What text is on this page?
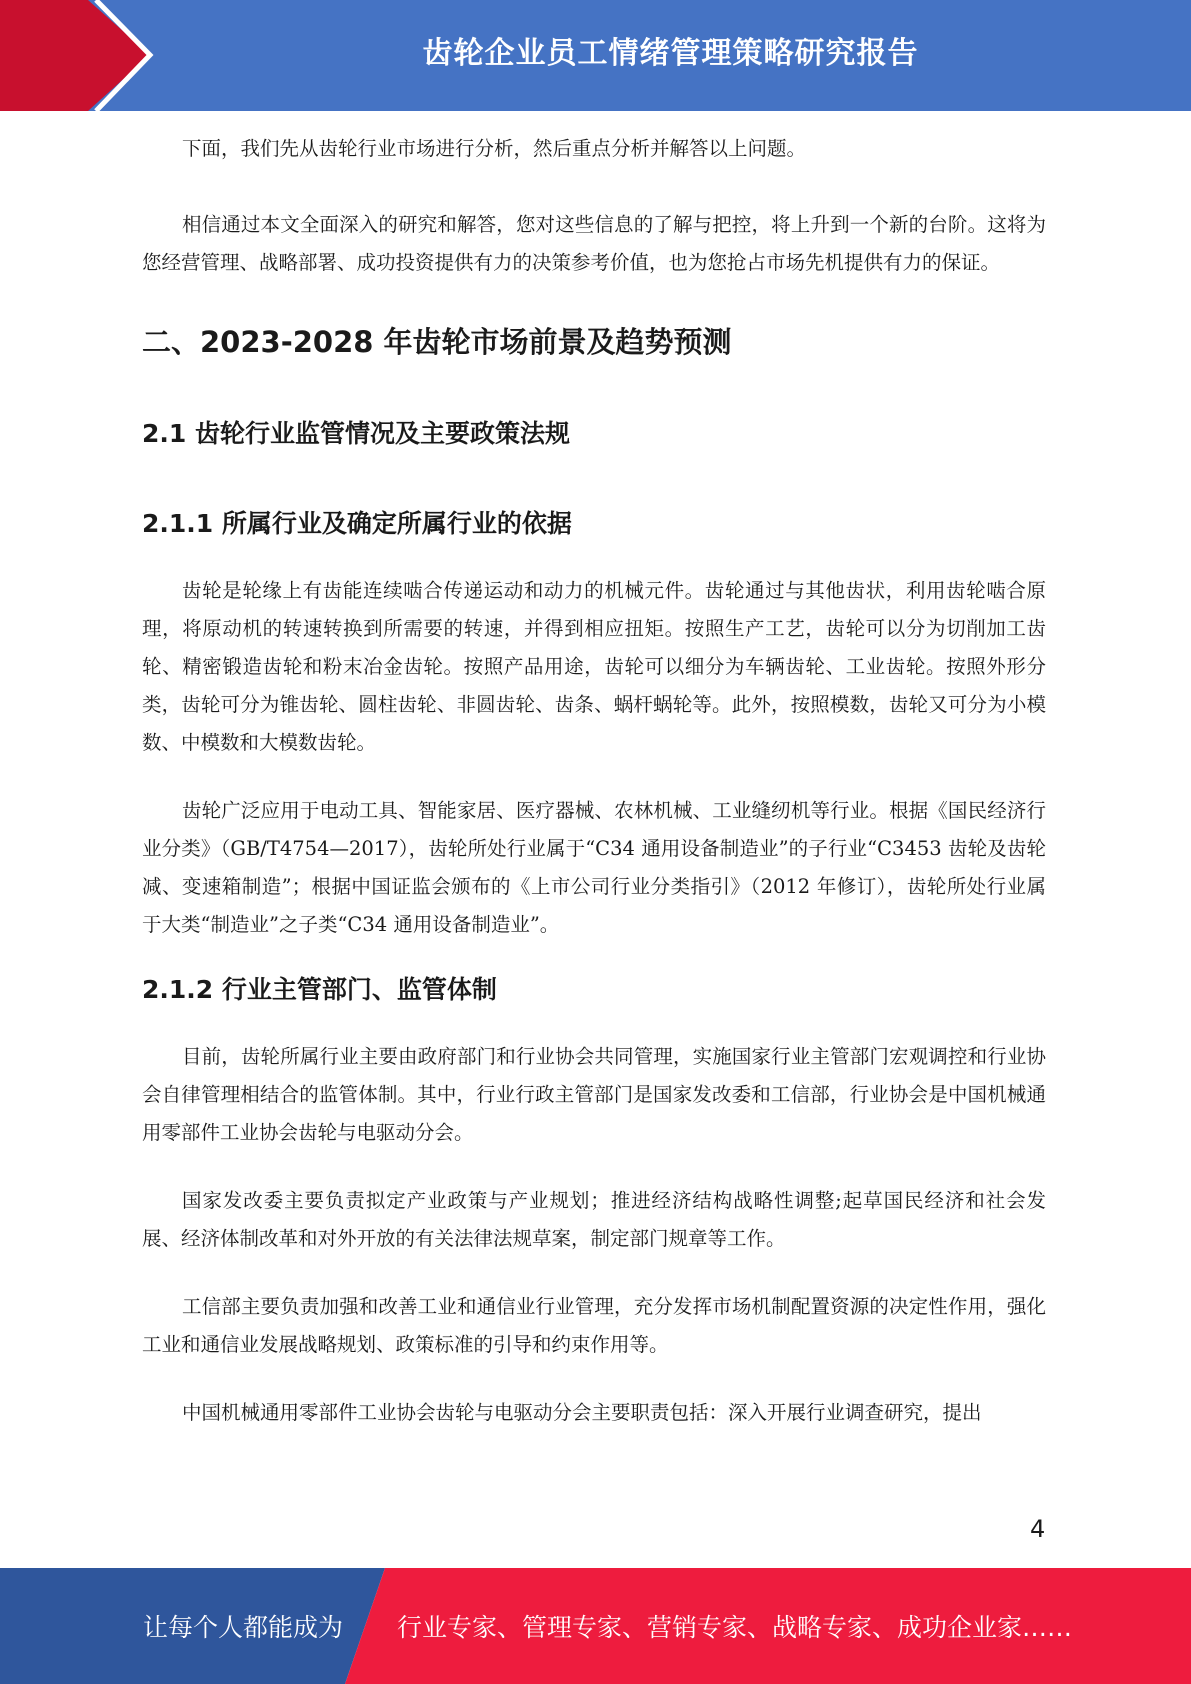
齿轮企业员工情绪管理策略研究报告

下面，我们先从齿轮行业市场进行分析，然后重点分析并解答以上问题。

相信通过本文全面深入的研究和解答，您对这些信息的了解与把控，将上升到一个新的台阶。这将为您经营管理、战略部署、成功投资提供有力的决策参考价值，也为您抢占市场先机提供有力的保证。

二、2023-2028 年齿轮市场前景及趋势预测
2.1 齿轮行业监管情况及主要政策法规
2.1.1 所属行业及确定所属行业的依据

齿轮是轮缘上有齿能连续啮合传递运动和动力的机械元件。齿轮通过与其他齿状，利用齿轮啮合原理，将原动机的转速转换到所需要的转速，并得到相应扭矩。按照生产工艺，齿轮可以分为切削加工齿轮、精密锻造齿轮和粉末冶金齿轮。按照产品用途，齿轮可以细分为车辆齿轮、工业齿轮。按照外形分类，齿轮可分为锥齿轮、圆柱齿轮、非圆齿轮、齿条、蜗杆蜗轮等。此外，按照模数，齿轮又可分为小模数、中模数和大模数齿轮。

齿轮广泛应用于电动工具、智能家居、医疗器械、农林机械、工业缝纫机等行业。根据《国民经济行业分类》（GB/T4754—2017），齿轮所处行业属于“C34 通用设备制造业”的子行业“C3453 齿轮及齿轮减、变速箱制造”；根据中国证监会颁布的《上市公司行业分类指引》（2012 年修订），齿轮所处行业属于大类“制造业”之子类“C34 通用设备制造业”。

2.1.2 行业主管部门、监管体制

目前，齿轮所属行业主要由政府部门和行业协会共同管理，实施国家行业主管部门宏观调控和行业协会自律管理相结合的监管体制。其中，行业行政主管部门是国家发改委和工信部，行业协会是中国机械通用零部件工业协会齿轮与电驱动分会。

国家发改委主要负责拟定产业政策与产业规划；推进经济结构战略性调整;起草国民经济和社会发展、经济体制改革和对外开放的有关法律法规草案，制定部门规章等工作。

工信部主要负责加强和改善工业和通信业行业管理，充分发挥市场机制配置资源的决定性作用，强化工业和通信业发展战略规划、政策标准的引导和约束作用等。

中国机械通用零部件工业协会齿轮与电驱动分会主要职责包括：深入开展行业调查研究，提出

4
让每个人都能成为 行业专家、管理专家、营销专家、战略专家、成功企业家……
